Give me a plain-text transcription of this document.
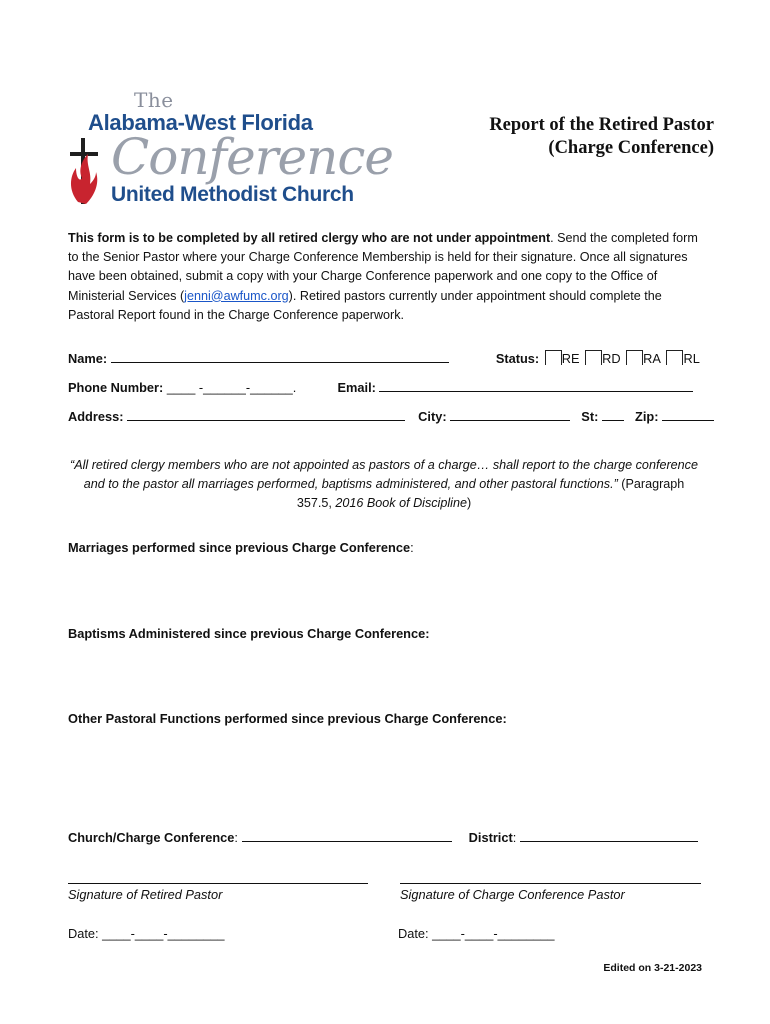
The
Alabama-West Florida
Conference
United Methodist Church
Report of the Retired Pastor
(Charge Conference)
This form is to be completed by all retired clergy who are not under appointment. Send the completed form to the Senior Pastor where your Charge Conference Membership is held for their signature. Once all signatures have been obtained, submit a copy with your Charge Conference paperwork and one copy to the Office of Ministerial Services (jenni@awfumc.org). Retired pastors currently under appointment should complete the Pastoral Report found in the Charge Conference paperwork.
Name:	Status: RE RD RA RL
Phone Number: ____ -______-______.	Email:
Address:	City:	St:	Zip:
“All retired clergy members who are not appointed as pastors of a charge… shall report to the charge conference and to the pastor all marriages performed, baptisms administered, and other pastoral functions.” (Paragraph 357.5, 2016 Book of Discipline)
Marriages performed since previous Charge Conference:
Baptisms Administered since previous Charge Conference:
Other Pastoral Functions performed since previous Charge Conference:
Church/Charge Conference:	District:
Signature of Retired Pastor	Signature of Charge Conference Pastor
Date: ____-____-________	Date: ____-____-________
Edited on 3-21-2023
